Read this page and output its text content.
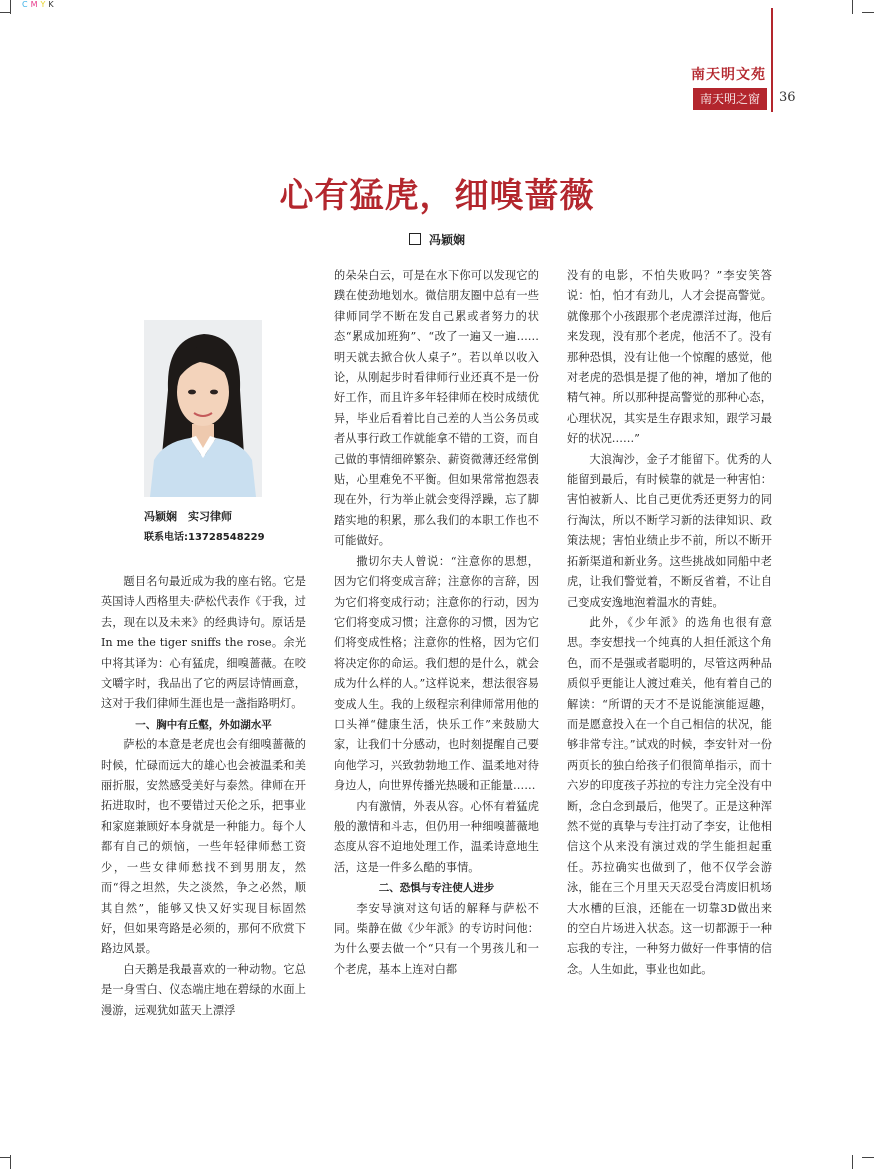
CMYK
南天明文苑
南天明之窗	36
心有猛虎，细嗅蔷薇
冯颖娴
冯颖娴　实习律师
联系电话:13728548229

题目名句最近成为我的座右铭。它是英国诗人西格里夫·萨松代表作《于我，过去，现在以及未来》的经典诗句。原话是In me the tiger sniffs the rose。余光中将其译为：心有猛虎，细嗅蔷薇。在咬文嚼字时，我品出了它的两层诗情画意，这对于我们律师生涯也是一盏指路明灯。

一、胸中有丘壑，外如湖水平

萨松的本意是老虎也会有细嗅蔷薇的时候，忙碌而远大的雄心也会被温柔和美丽折服，安然感受美好与泰然。律师在开拓进取时，也不要错过天伦之乐，把事业和家庭兼顾好本身就是一种能力。每个人都有自己的烦恼，一些年轻律师愁工资少，一些女律师愁找不到男朋友，然而“得之坦然，失之淡然，争之必然，顺其自然”，能够又快又好实现目标固然好，但如果弯路是必须的，那何不欣赏下路边风景。

白天鹅是我最喜欢的一种动物。它总是一身雪白、仪态端庄地在碧绿的水面上漫游，远观犹如蓝天上漂浮

的朵朵白云，可是在水下你可以发现它的蹼在使劲地划水。微信朋友圈中总有一些律师同学不断在发自己累或者努力的状态“累成加班狗”、“改了一遍又一遍……明天就去掀合伙人桌子”。若以单以收入论，从刚起步时看律师行业还真不是一份好工作，而且许多年轻律师在校时成绩优异，毕业后看着比自己差的人当公务员或者从事行政工作就能拿不错的工资，而自己做的事情细碎繁杂、薪资微薄还经常倒贴，心里难免不平衡。但如果常常抱怨表现在外，行为举止就会变得浮躁，忘了脚踏实地的积累，那么我们的本职工作也不可能做好。

撒切尔夫人曾说：“注意你的思想，因为它们将变成言辞；注意你的言辞，因为它们将变成行动；注意你的行动，因为它们将变成习惯；注意你的习惯，因为它们将变成性格；注意你的性格，因为它们将决定你的命运。我们想的是什么，就会成为什么样的人。”这样说来，想法很容易变成人生。我的上级程宗利律师常用他的口头禅“健康生活，快乐工作”来鼓励大家，让我们十分感动，也时刻提醒自己要向他学习，兴致勃勃地工作、温柔地对待身边人，向世界传播光热暖和正能量……

内有激情，外表从容。心怀有着猛虎般的激情和斗志，但仍用一种细嗅蔷薇地态度从容不迫地处理工作，温柔诗意地生活，这是一件多么酷的事情。

二、恐惧与专注使人进步

李安导演对这句话的解释与萨松不同。柴静在做《少年派》的专访时问他：为什么要去做一个“只有一个男孩儿和一个老虎，基本上连对白都

没有的电影，不怕失败吗？”李安笑答说：怕，怕才有劲儿，人才会提高警觉。就像那个小孩跟那个老虎漂洋过海，他后来发现，没有那个老虎，他活不了。没有那种恐惧，没有让他一个惊醒的感觉，他对老虎的恐惧是提了他的神，增加了他的精气神。所以那种提高警觉的那种心态，心理状况，其实是生存跟求知，跟学习最好的状况……”

大浪淘沙，金子才能留下。优秀的人能留到最后，有时候靠的就是一种害怕：害怕被新人、比自己更优秀还更努力的同行淘汰，所以不断学习新的法律知识、政策法规；害怕业绩止步不前，所以不断开拓新渠道和新业务。这些挑战如同船中老虎，让我们警觉着，不断反省着，不让自己变成安逸地泡着温水的青蛙。

此外，《少年派》的选角也很有意思。李安想找一个纯真的人担任派这个角色，而不是强或者聪明的，尽管这两种品质似乎更能让人渡过难关，他有着自己的解读：“所谓的天才不是说能演能逗趣，而是愿意投入在一个自己相信的状况，能够非常专注。”试戏的时候，李安针对一份两页长的独白给孩子们很简单指示，而十六岁的印度孩子苏拉的专注力完全没有中断，念白念到最后，他哭了。正是这种浑然不觉的真挚与专注打动了李安，让他相信这个从来没有演过戏的学生能担起重任。苏拉确实也做到了，他不仅学会游泳，能在三个月里天天忍受台湾废旧机场大水槽的巨浪，还能在一切靠3D做出来的空白片场进入状态。这一切都源于一种忘我的专注，一种努力做好一件事情的信念。人生如此，事业也如此。
